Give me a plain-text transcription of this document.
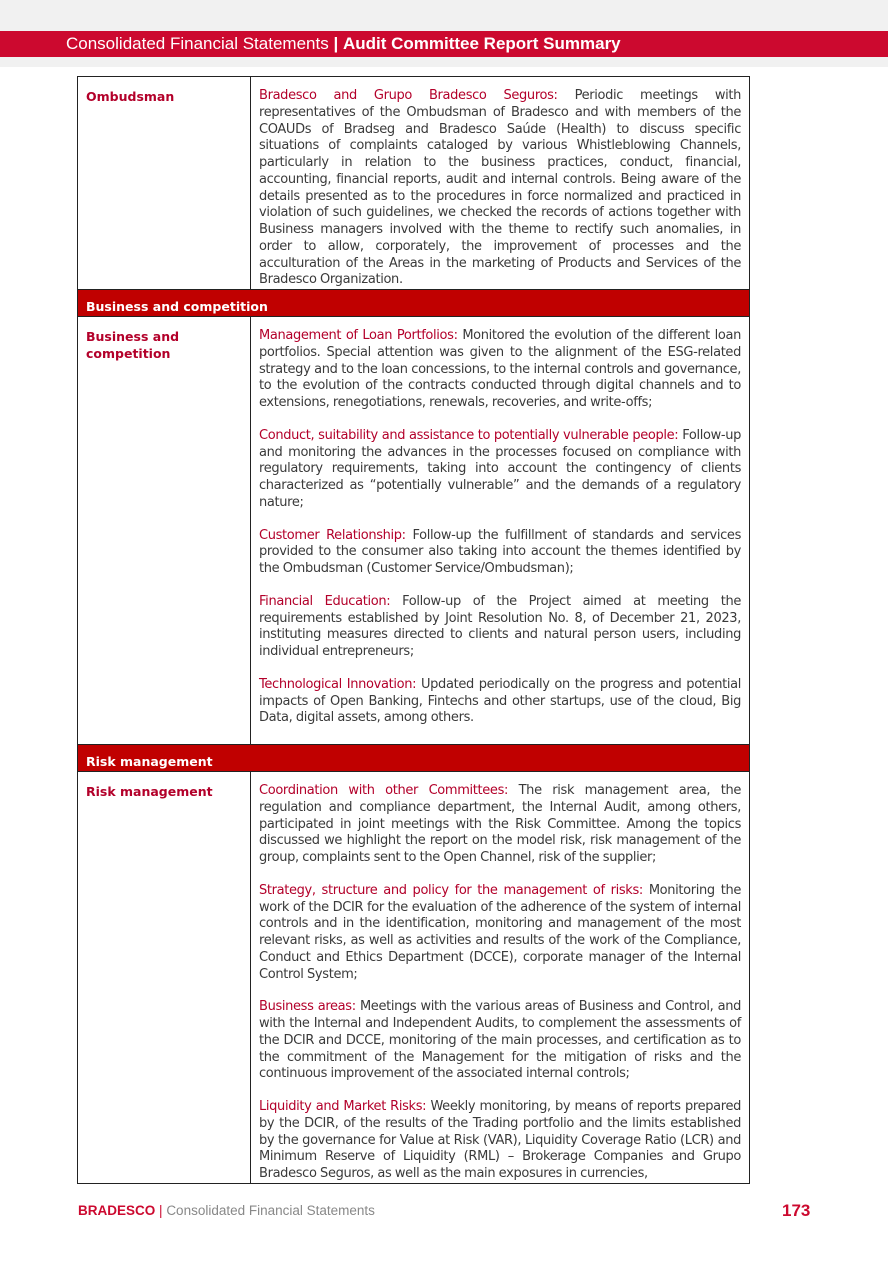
Consolidated Financial Statements | Audit Committee Report Summary
Ombudsman	Bradesco and Grupo Bradesco Seguros: Periodic meetings with representatives of the Ombudsman of Bradesco and with members of the COAUDs of Bradseg and Bradesco Saúde (Health) to discuss specific situations of complaints cataloged by various Whistleblowing Channels, particularly in relation to the business practices, conduct, financial, accounting, financial reports, audit and internal controls. Being aware of the details presented as to the procedures in force normalized and practiced in violation of such guidelines, we checked the records of actions together with Business managers involved with the theme to rectify such anomalies, in order to allow, corporately, the improvement of processes and the acculturation of the Areas in the marketing of Products and Services of the Bradesco Organization.

Business and competition	
Business and competition	Management of Loan Portfolios: Monitored the evolution of the different loan portfolios. Special attention was given to the alignment of the ESG-related strategy and to the loan concessions, to the internal controls and governance, to the evolution of the contracts conducted through digital channels and to extensions, renegotiations, renewals, recoveries, and write-offs;

Conduct, suitability and assistance to potentially vulnerable people: Follow-up and monitoring the advances in the processes focused on compliance with regulatory requirements, taking into account the contingency of clients characterized as “potentially vulnerable” and the demands of a regulatory nature;

Customer Relationship: Follow-up the fulfillment of standards and services provided to the consumer also taking into account the themes identified by the Ombudsman (Customer Service/Ombudsman);

Financial Education: Follow-up of the Project aimed at meeting the requirements established by Joint Resolution No. 8, of December 21, 2023, instituting measures directed to clients and natural person users, including individual entrepreneurs;

Technological Innovation: Updated periodically on the progress and potential impacts of Open Banking, Fintechs and other startups, use of the cloud, Big Data, digital assets, among others.

Risk management	
Risk management	Coordination with other Committees: The risk management area, the regulation and compliance department, the Internal Audit, among others, participated in joint meetings with the Risk Committee. Among the topics discussed we highlight the report on the model risk, risk management of the group, complaints sent to the Open Channel, risk of the supplier;

Strategy, structure and policy for the management of risks: Monitoring the work of the DCIR for the evaluation of the adherence of the system of internal controls and in the identification, monitoring and management of the most relevant risks, as well as activities and results of the work of the Compliance, Conduct and Ethics Department (DCCE), corporate manager of the Internal Control System;

Business areas: Meetings with the various areas of Business and Control, and with the Internal and Independent Audits, to complement the assessments of the DCIR and DCCE, monitoring of the main processes, and certification as to the commitment of the Management for the mitigation of risks and the continuous improvement of the associated internal controls;

Liquidity and Market Risks: Weekly monitoring, by means of reports prepared by the DCIR, of the results of the Trading portfolio and the limits established by the governance for Value at Risk (VAR), Liquidity Coverage Ratio (LCR) and Minimum Reserve of Liquidity (RML) – Brokerage Companies and Grupo Bradesco Seguros, as well as the main exposures in currencies,

BRADESCO | Consolidated Financial Statements	173
